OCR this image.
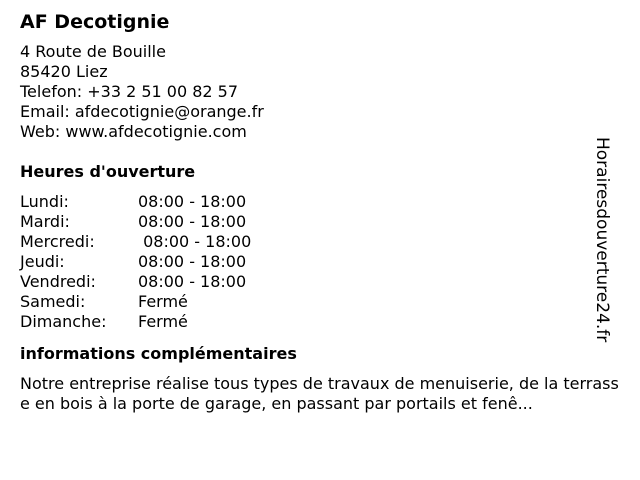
AF Decotignie
4 Route de Bouille
85420 Liez
Telefon: +33 2 51 00 82 57
Email: afdecotignie@orange.fr
Web: www.afdecotignie.com
Heures d'ouverture
Lundi:	08:00 - 18:00
Mardi:	08:00 - 18:00
Mercredi:	08:00 - 18:00
Jeudi:	08:00 - 18:00
Vendredi:	08:00 - 18:00
Samedi:	Fermé
Dimanche:	Fermé
informations complémentaires
Notre entreprise réalise tous types de travaux de menuiserie, de la terrasse en bois à la porte de garage, en passant par portails et fenê...
Horairesdouverture24.fr
